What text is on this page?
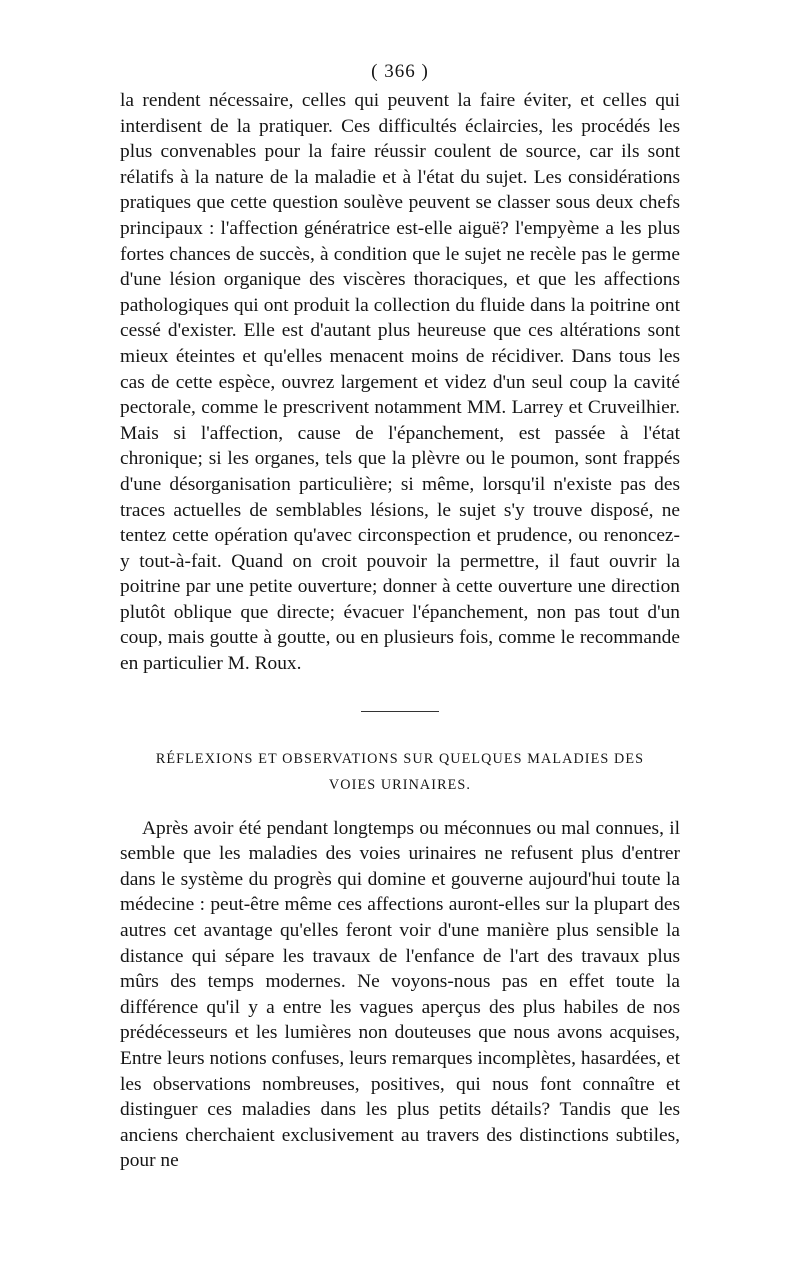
( 366 )

la rendent nécessaire, celles qui peuvent la faire éviter, et celles qui interdisent de la pratiquer. Ces difficultés éclaircies, les procédés les plus convenables pour la faire réussir coulent de source, car ils sont rélatifs à la nature de la maladie et à l'état du sujet. Les considérations pratiques que cette question soulève peuvent se classer sous deux chefs principaux : l'affection génératrice est-elle aiguë? l'empyème a les plus fortes chances de succès, à condition que le sujet ne recèle pas le germe d'une lésion organique des viscères thoraciques, et que les affections pathologiques qui ont produit la collection du fluide dans la poitrine ont cessé d'exister. Elle est d'autant plus heureuse que ces altérations sont mieux éteintes et qu'elles menacent moins de récidiver. Dans tous les cas de cette espèce, ouvrez largement et videz d'un seul coup la cavité pectorale, comme le prescrivent notamment MM. Larrey et Cruveilhier. Mais si l'affection, cause de l'épanchement, est passée à l'état chronique; si les organes, tels que la plèvre ou le poumon, sont frappés d'une désorganisation particulière; si même, lorsqu'il n'existe pas des traces actuelles de semblables lésions, le sujet s'y trouve disposé, ne tentez cette opération qu'avec circonspection et prudence, ou renoncez-y tout-à-fait. Quand on croit pouvoir la permettre, il faut ouvrir la poitrine par une petite ouverture; donner à cette ouverture une direction plutôt oblique que directe; évacuer l'épanchement, non pas tout d'un coup, mais goutte à goutte, ou en plusieurs fois, comme le recommande en particulier M. Roux.

RÉFLEXIONS ET OBSERVATIONS SUR QUELQUES MALADIES DES
VOIES URINAIRES.

Après avoir été pendant longtemps ou méconnues ou mal connues, il semble que les maladies des voies urinaires ne refusent plus d'entrer dans le système du progrès qui domine et gouverne aujourd'hui toute la médecine : peut-être même ces affections auront-elles sur la plupart des autres cet avantage qu'elles feront voir d'une manière plus sensible la distance qui sépare les travaux de l'enfance de l'art des travaux plus mûrs des temps modernes. Ne voyons-nous pas en effet toute la différence qu'il y a entre les vagues aperçus des plus habiles de nos prédécesseurs et les lumières non douteuses que nous avons acquises, Entre leurs notions confuses, leurs remarques incomplètes, hasardées, et les observations nombreuses, positives, qui nous font connaître et distinguer ces maladies dans les plus petits détails? Tandis que les anciens cherchaient exclusivement au travers des distinctions subtiles, pour ne
